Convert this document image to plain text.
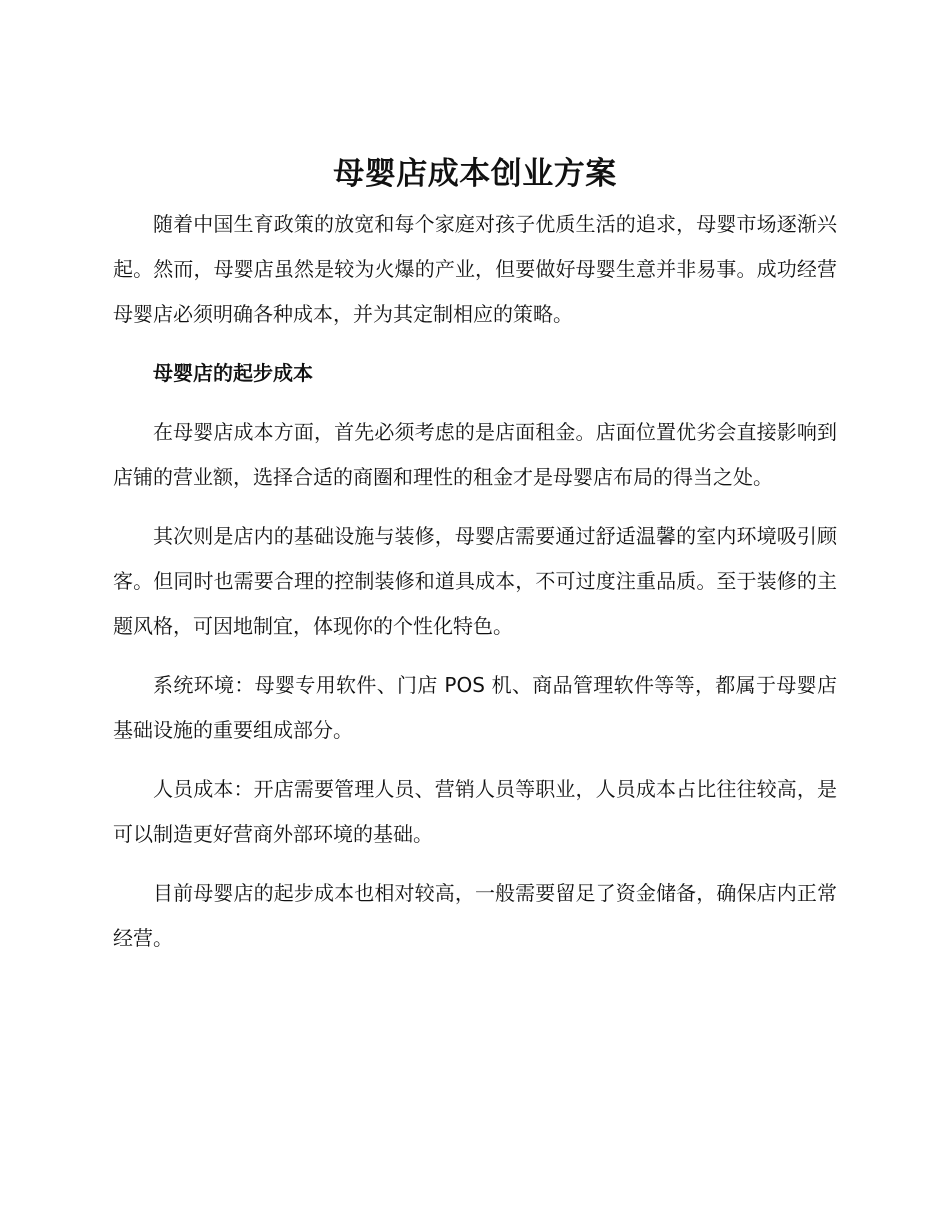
母婴店成本创业方案

随着中国生育政策的放宽和每个家庭对孩子优质生活的追求，母婴市场逐渐兴起。然而，母婴店虽然是较为火爆的产业，但要做好母婴生意并非易事。成功经营母婴店必须明确各种成本，并为其定制相应的策略。

母婴店的起步成本

在母婴店成本方面，首先必须考虑的是店面租金。店面位置优劣会直接影响到店铺的营业额，选择合适的商圈和理性的租金才是母婴店布局的得当之处。

其次则是店内的基础设施与装修，母婴店需要通过舒适温馨的室内环境吸引顾客。但同时也需要合理的控制装修和道具成本，不可过度注重品质。至于装修的主题风格，可因地制宜，体现你的个性化特色。

系统环境：母婴专用软件、门店 POS 机、商品管理软件等等，都属于母婴店基础设施的重要组成部分。

人员成本：开店需要管理人员、营销人员等职业，人员成本占比往往较高，是可以制造更好营商外部环境的基础。

目前母婴店的起步成本也相对较高，一般需要留足了资金储备，确保店内正常经营。
